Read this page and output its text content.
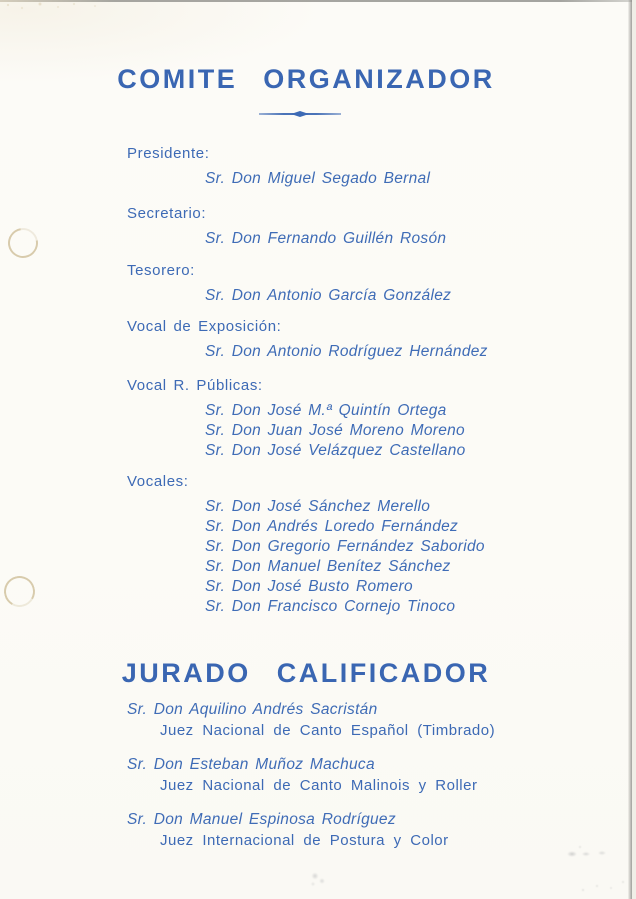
COMITE ORGANIZADOR
Presidente:
Sr. Don Miguel Segado Bernal
Secretario:
Sr. Don Fernando Guillén Rosón
Tesorero:
Sr. Don Antonio García González
Vocal de Exposición:
Sr. Don Antonio Rodríguez Hernández
Vocal R. Públicas:
Sr. Don José M.ª Quintín Ortega
Sr. Don Juan José Moreno Moreno
Sr. Don José Velázquez Castellano
Vocales:
Sr. Don José Sánchez Merello
Sr. Don Andrés Loredo Fernández
Sr. Don Gregorio Fernández Saborido
Sr. Don Manuel Benítez Sánchez
Sr. Don José Busto Romero
Sr. Don Francisco Cornejo Tinoco
JURADO CALIFICADOR
Sr. Don Aquilino Andrés Sacristán
Juez Nacional de Canto Español (Timbrado)
Sr. Don Esteban Muñoz Machuca
Juez Nacional de Canto Malinois y Roller
Sr. Don Manuel Espinosa Rodríguez
Juez Internacional de Postura y Color
